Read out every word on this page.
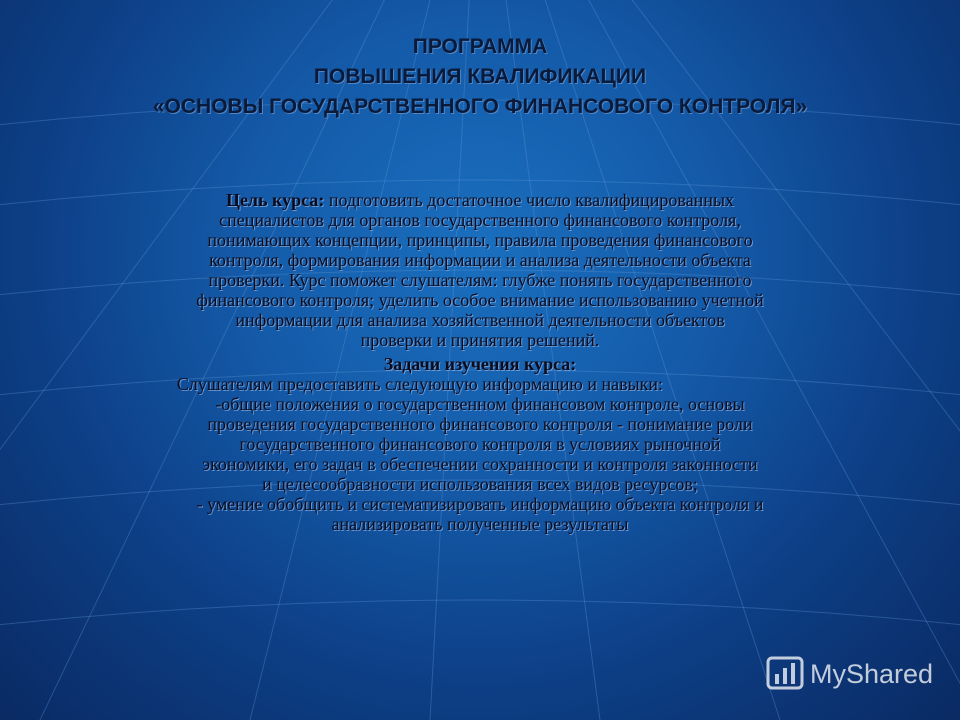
ПРОГРАММА
ПОВЫШЕНИЯ КВАЛИФИКАЦИИ
«ОСНОВЫ ГОСУДАРСТВЕННОГО ФИНАНСОВОГО КОНТРОЛЯ»
Цель курса: подготовить достаточное число квалифицированных
специалистов для органов государственного финансового контроля,
понимающих концепции, принципы, правила проведения финансового
контроля, формирования информации и анализа деятельности объекта
проверки. Курс поможет слушателям: глубже понять государственного
финансового контроля; уделить особое внимание использованию учетной
информации для анализа хозяйственной деятельности объектов
проверки и принятия решений.
Задачи изучения курса:
Слушателям предоставить следующую информацию и навыки:
-общие положения о государственном финансовом контроле, основы
проведения государственного финансового контроля - понимание роли
государственного финансового контроля в условиях рыночной
экономики, его задач в обеспечении сохранности и контроля законности
и целесообразности использования всех видов ресурсов;
- умение обобщить и систематизировать информацию объекта контроля и
анализировать полученные результаты
MyShared
